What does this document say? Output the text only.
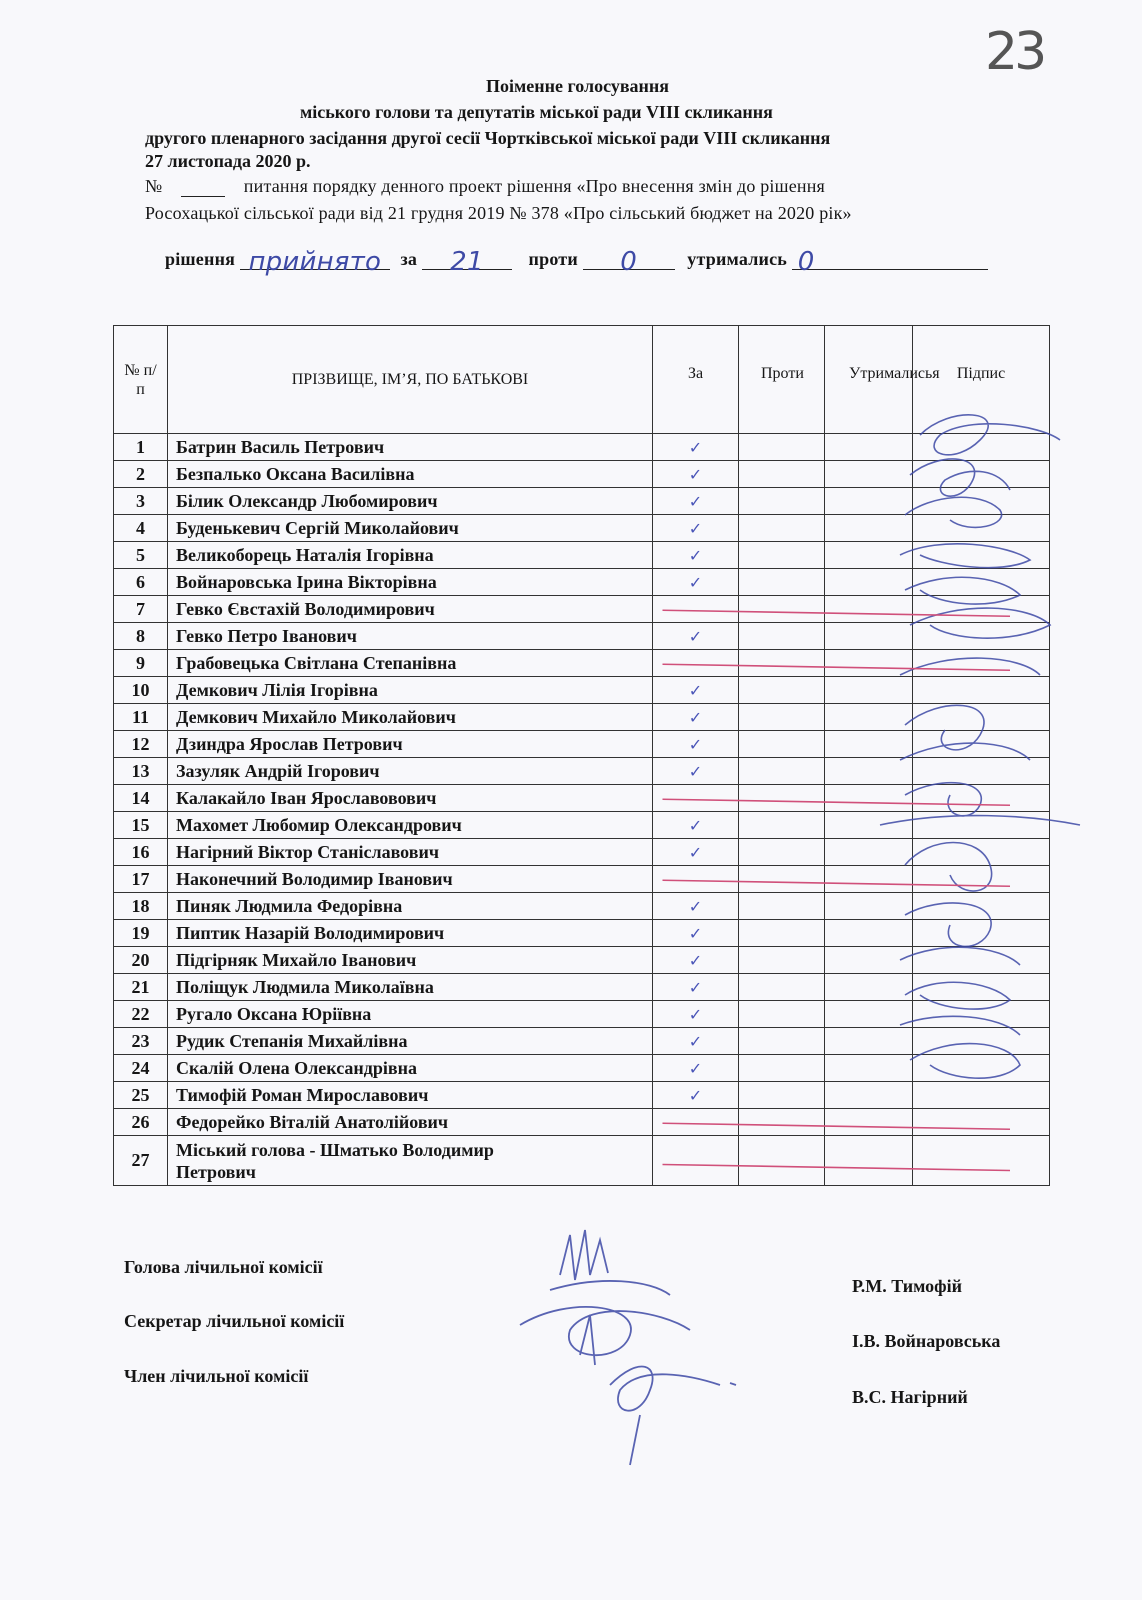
23
Поіменне голосування
міського голови та депутатів міської ради VIII скликання
другого пленарного засідання другої сесії Чортківської міської ради VIII скликання
27 листопада 2020 р.
№	питання порядку денного проект рішення «Про внесення змін до рішення
Росохацької сільської ради від 21 грудня 2019 № 378 «Про сільський бюджет на 2020 рік»
рішення прийнято за 21 проти 0	утримались 0
№ п/п	ПРІЗВИЩЕ, ІМ’Я, ПО БАТЬКОВІ	За	Проти	Утрималисья	Підпис
1	Батрин Василь Петрович	✓			
2	Безпалько Оксана Василівна	✓			
3	Білик Олександр Любомирович	✓			
4	Буденькевич Сергій Миколайович	✓			
5	Великоборець Наталія Ігорівна	✓			
6	Войнаровська Ірина Вікторівна	✓			
7	Гевко Євстахій Володимирович				
8	Гевко Петро Іванович	✓			
9	Грабовецька Світлана Степанівна				
10	Демкович Лілія Ігорівна	✓			
11	Демкович Михайло Миколайович	✓			
12	Дзиндра Ярослав Петрович	✓			
13	Зазуляк Андрій Ігорович	✓			
14	Калакайло Іван Ярославовович				
15	Махомет Любомир Олександрович	✓			
16	Нагірний Віктор Станіславович	✓			
17	Наконечний Володимир Іванович				
18	Пиняк Людмила Федорівна	✓			
19	Пиптик Назарій Володимирович	✓			
20	Підгірняк Михайло Іванович	✓			
21	Поліщук Людмила Миколаївна	✓			
22	Ругало Оксана Юріївна	✓			
23	Рудик Степанія Михайлівна	✓			
24	Скалій Олена Олександрівна	✓			
25	Тимофій Роман Мирославович	✓			
26	Федорейко Віталій Анатолійович				
27	Міський голова - Шматько Володимир Петрович				
Голова лічильної комісії
Секретар лічильної комісії
Член лічильної комісії
Р.М. Тимофій
І.В. Войнаровська
В.С. Нагірний
